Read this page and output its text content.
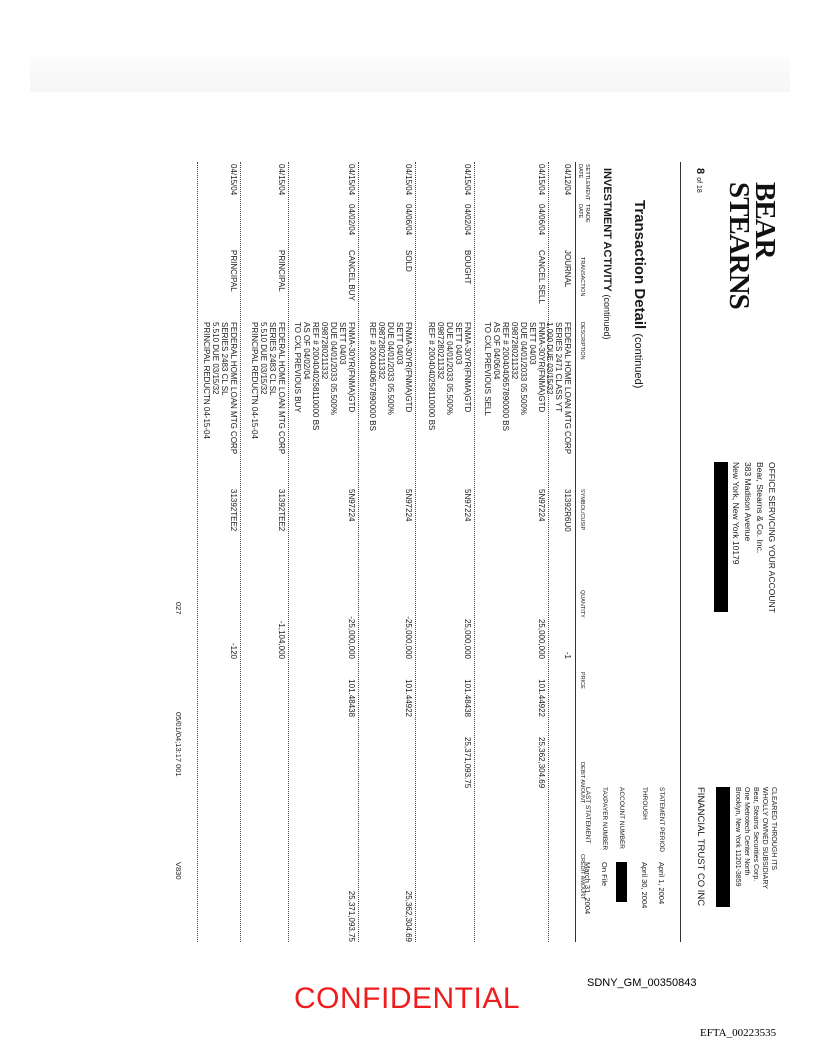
BEAR
STEARNS
8 of 18
OFFICE SERVICING YOUR ACCOUNT
Bear, Stearns & Co. Inc.
383 Madison Avenue
New York, New York 10179
CLEARED THROUGH ITS
WHOLLY OWNED SUBSIDIARY
Bear, Stearns Securities Corp.
One Metrotech Center North
Brooklyn, New York 11201-3859
FINANCIAL TRUST CO INC
STATEMENT PERIOD
April 1, 2004
THROUGH
April 30, 2004
ACCOUNT NUMBER
TAXPAYER NUMBER
On File
LAST STATEMENT
March 31, 2004
Transaction Detail (continued)
INVESTMENT ACTIVITY (continued)
SETTLEMENT DATE
TRADE DATE
TRANSACTION
DESCRIPTION
SYMBOL/CUSIP
QUANTITY
PRICE
DEBIT AMOUNT
CREDIT AMOUNT
04/12/04
JOURNAL
FEDERAL HOME LOAN MTG CORP
SERIES 2471 CLASS YT
1,000 DUE 03/15/32
31392R6U0
-1
04/15/04
04/06/04
CANCEL SELL
FNMA-30YR(FNMA)GTD
SETT 04/03
DUE 04/01/2033 05.500%
0987280211332
REF # 2004040657890000 BS
AS OF 04/06/04
TO CXL PREVIOUS SELL
5N97224
25,000,000
101.44922
25,362,304.69
04/15/04
04/02/04
BOUGHT
FNMA-30YR(FNMA)GTD
SETT 04/03
DUE 04/01/2033 05.500%
0987280211332
REF # 2004040258110000 BS
5N97224
25,000,000
101.48438
25,371,093.75
04/15/04
04/06/04
SOLD
FNMA-30YR(FNMA)GTD
SETT 04/03
DUE 04/01/2033 05.500%
0987280211332
REF # 2004040657890000 BS
5N97224
-25,000,000
101.44922
25,362,304.69
04/15/04
04/02/04
CANCEL BUY
FNMA-30YR(FNMA)GTD
SETT 04/03
DUE 04/01/2033 05.500%
0987280211332
REF # 2004040258110000 BS
AS OF 04/02/04
TO CXL PREVIOUS BUY
5N97224
-25,000,000
101.48438
25,371,093.75
04/15/04
PRINCIPAL
FEDERAL HOME LOAN MTG CORP
SERIES 2483 CL SL
5.510 DUE 03/15/32
PRINCIPAL REDUCTN 04-15-04
31392TEE2
-1,104,000
04/15/04
PRINCIPAL
FEDERAL HOME LOAN MTG CORP
SERIES 2483 CL SL
5.510 DUE 03/15/32
PRINCIPAL REDUCTN 04-15-04
31392TEE2
-120
027
05/01/04;13:17 001
V830
CONFIDENTIAL	SDNY_GM_00350843
EFTA_00223535
